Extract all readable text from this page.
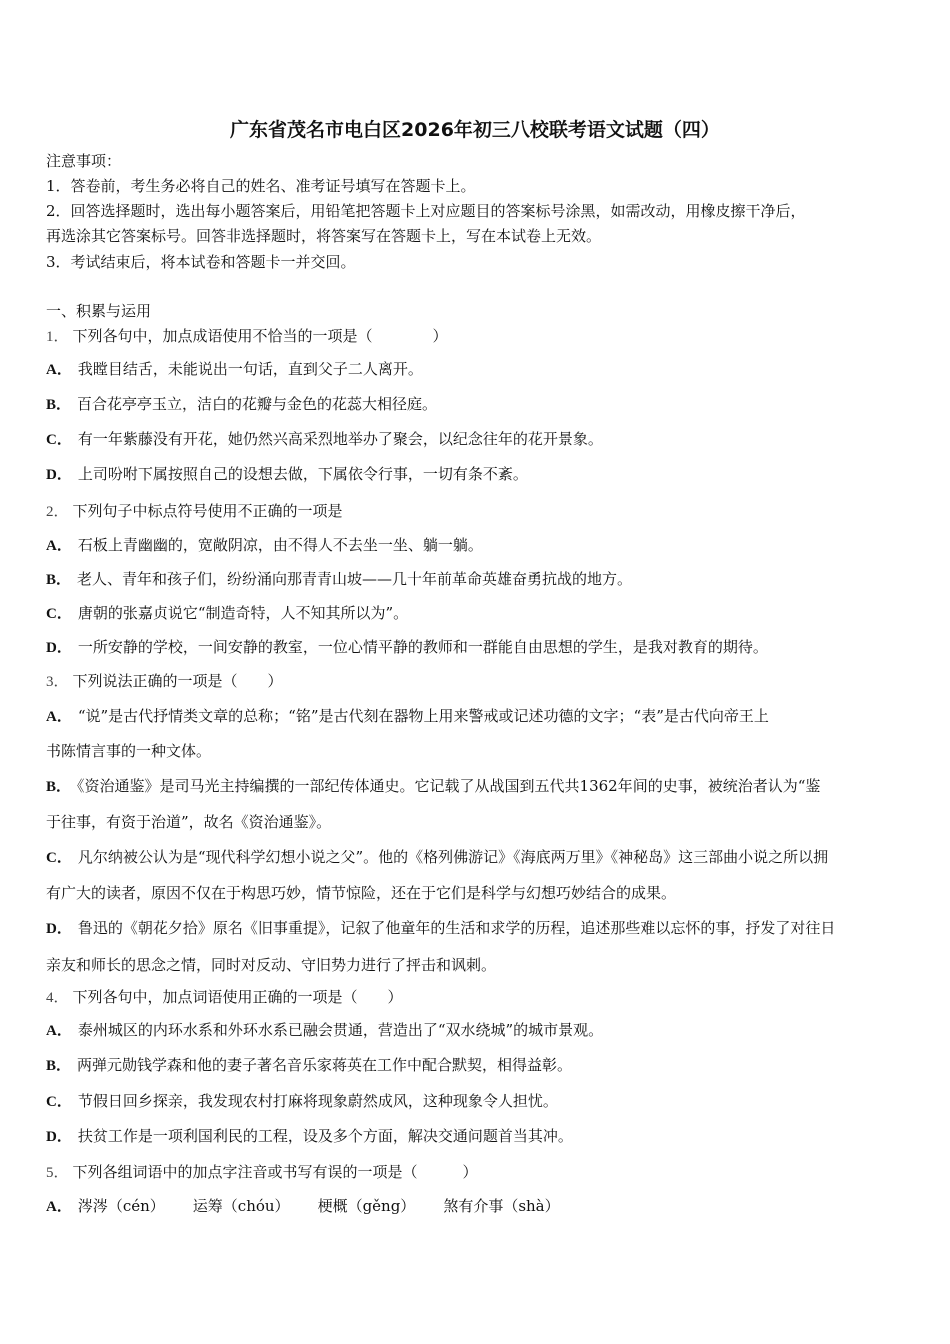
广东省茂名市电白区2026年初三八校联考语文试题（四）
注意事项：
1．答卷前，考生务必将自己的姓名、准考证号填写在答题卡上。
2．回答选择题时，选出每小题答案后，用铅笔把答题卡上对应题目的答案标号涂黑，如需改动，用橡皮擦干净后，
再选涂其它答案标号。回答非选择题时，将答案写在答题卡上，写在本试卷上无效。
3．考试结束后，将本试卷和答题卡一并交回。
一、积累与运用
1． 下列各句中，加点成语使用不恰当的一项是（　　　　）
A． 我瞠目结舌，未能说出一句话，直到父子二人离开。
B． 百合花亭亭玉立，洁白的花瓣与金色的花蕊大相径庭。
C． 有一年紫藤没有开花，她仍然兴高采烈地举办了聚会，以纪念往年的花开景象。
D． 上司吩咐下属按照自己的设想去做，下属依令行事，一切有条不紊。
2． 下列句子中标点符号使用不正确的一项是
A． 石板上青幽幽的，宽敞阴凉，由不得人不去坐一坐、躺一躺。
B． 老人、青年和孩子们，纷纷涌向那青青山坡——几十年前革命英雄奋勇抗战的地方。
C． 唐朝的张嘉贞说它“制造奇特，人不知其所以为”。
D． 一所安静的学校，一间安静的教室，一位心情平静的教师和一群能自由思想的学生，是我对教育的期待。
3． 下列说法正确的一项是（　　）
A． “说”是古代抒情类文章的总称；“铭”是古代刻在器物上用来警戒或记述功德的文字；“表”是古代向帝王上
书陈情言事的一种文体。
B． 《资治通鉴》是司马光主持编撰的一部纪传体通史。它记载了从战国到五代共1362年间的史事，被统治者认为“鉴
于往事，有资于治道”，故名《资治通鉴》。
C． 凡尔纳被公认为是“现代科学幻想小说之父”。他的《格列佛游记》《海底两万里》《神秘岛》这三部曲小说之所以拥
有广大的读者，原因不仅在于构思巧妙，情节惊险，还在于它们是科学与幻想巧妙结合的成果。
D． 鲁迅的《朝花夕拾》原名《旧事重提》，记叙了他童年的生活和求学的历程，追述那些难以忘怀的事，抒发了对往日
亲友和师长的思念之情，同时对反动、守旧势力进行了抨击和讽刺。
4． 下列各句中，加点词语使用正确的一项是（　　）
A． 泰州城区的内环水系和外环水系已融会贯通，营造出了“双水绕城”的城市景观。
B． 两弹元勋钱学森和他的妻子著名音乐家蒋英在工作中配合默契，相得益彰。
C． 节假日回乡探亲，我发现农村打麻将现象蔚然成风，这种现象令人担忧。
D． 扶贫工作是一项利国利民的工程，设及多个方面，解决交通问题首当其冲。
5． 下列各组词语中的加点字注音或书写有误的一项是（　　　）
A． 涔涔（cén） 运筹（chóu） 梗概（gěng） 煞有介事（shà）
